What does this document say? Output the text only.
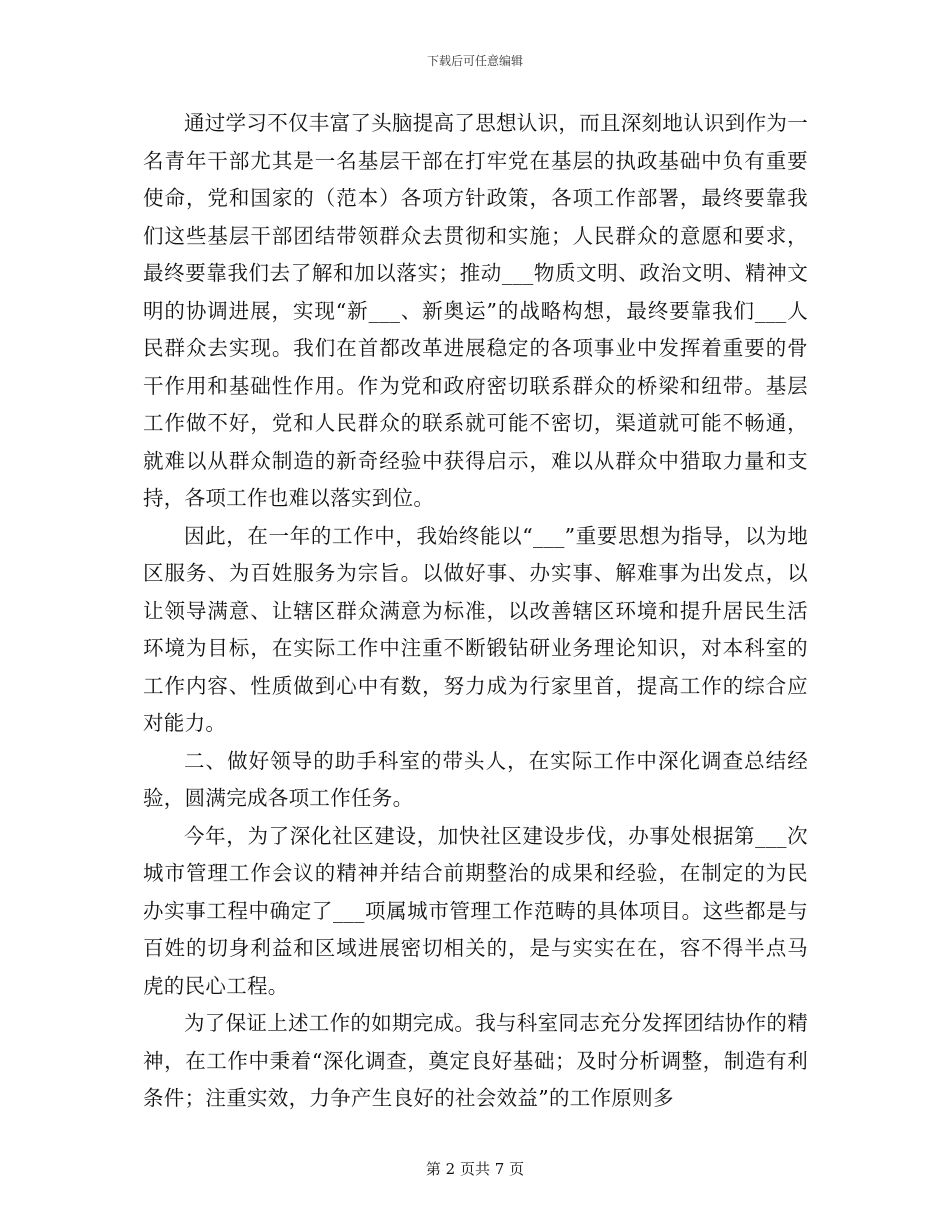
下载后可任意编辑

通过学习不仅丰富了头脑提高了思想认识，而且深刻地认识到作为一名青年干部尤其是一名基层干部在打牢党在基层的执政基础中负有重要使命，党和国家的（范本）各项方针政策，各项工作部署，最终要靠我们这些基层干部团结带领群众去贯彻和实施；人民群众的意愿和要求，最终要靠我们去了解和加以落实；推动___物质文明、政治文明、精神文明的协调进展，实现“新___、新奥运”的战略构想，最终要靠我们___人民群众去实现。我们在首都改革进展稳定的各项事业中发挥着重要的骨干作用和基础性作用。作为党和政府密切联系群众的桥梁和纽带。基层工作做不好，党和人民群众的联系就可能不密切，渠道就可能不畅通，就难以从群众制造的新奇经验中获得启示，难以从群众中猎取力量和支持，各项工作也难以落实到位。

因此，在一年的工作中，我始终能以“___”重要思想为指导，以为地区服务、为百姓服务为宗旨。以做好事、办实事、解难事为出发点，以让领导满意、让辖区群众满意为标准，以改善辖区环境和提升居民生活环境为目标，在实际工作中注重不断锻钻研业务理论知识，对本科室的工作内容、性质做到心中有数，努力成为行家里首，提高工作的综合应对能力。

二、做好领导的助手科室的带头人，在实际工作中深化调查总结经验，圆满完成各项工作任务。

今年，为了深化社区建设，加快社区建设步伐，办事处根据第___次城市管理工作会议的精神并结合前期整治的成果和经验，在制定的为民办实事工程中确定了___项属城市管理工作范畴的具体项目。这些都是与百姓的切身利益和区域进展密切相关的，是与实实在在，容不得半点马虎的民心工程。

为了保证上述工作的如期完成。我与科室同志充分发挥团结协作的精神，在工作中秉着“深化调查，奠定良好基础；及时分析调整，制造有利条件；注重实效，力争产生良好的社会效益”的工作原则多

第 2 页共 7 页
